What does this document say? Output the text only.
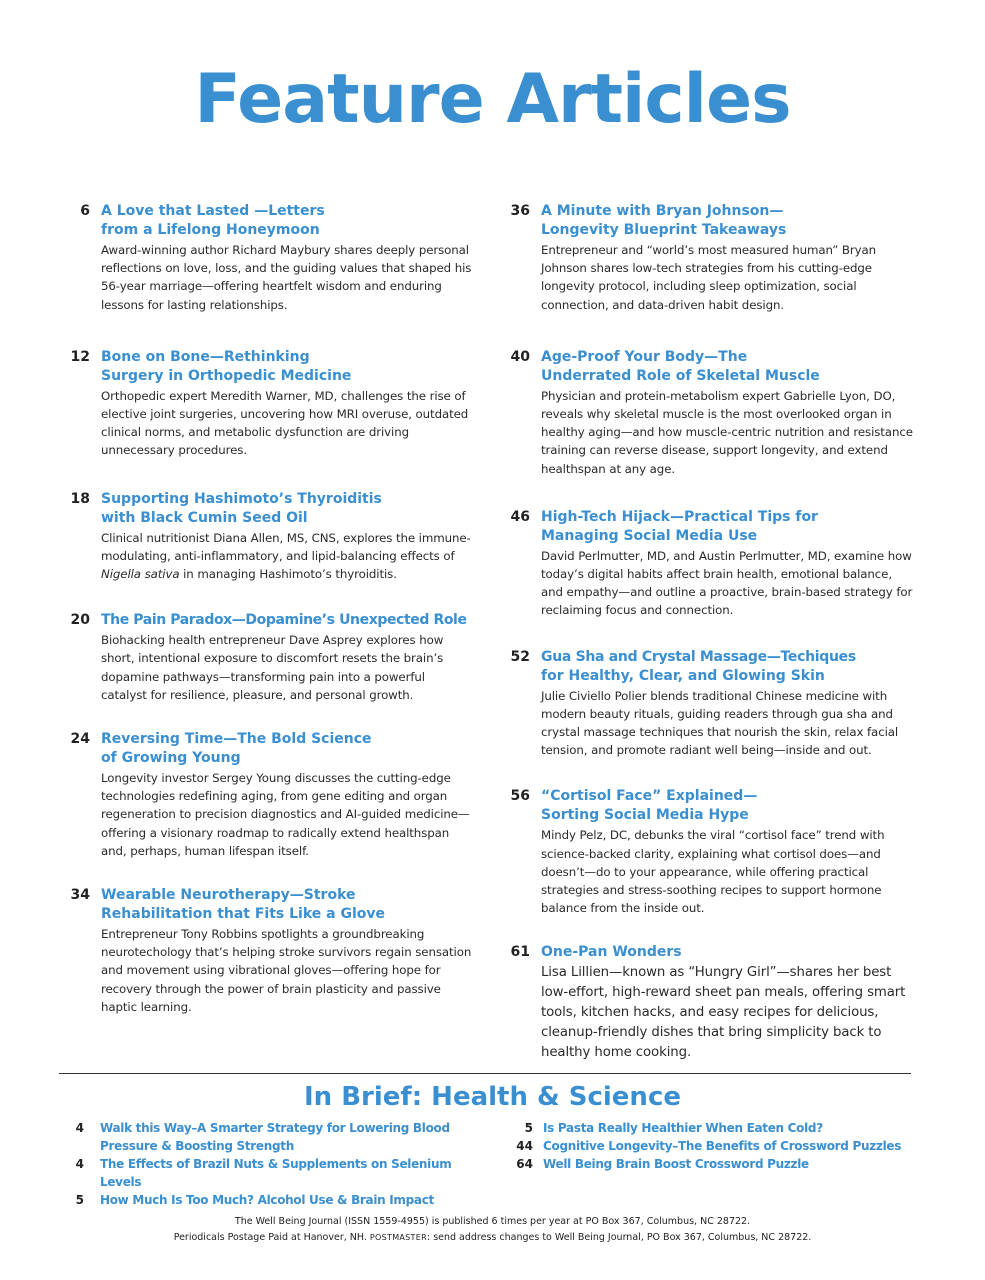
Feature Articles
6 A Love that Lasted —Letters
from a Lifelong Honeymoon
Award-winning author Richard Maybury shares deeply personal reflections on love, loss, and the guiding values that shaped his 56-year marriage—offering heartfelt wisdom and enduring lessons for lasting relationships.
12 Bone on Bone—Rethinking
Surgery in Orthopedic Medicine
Orthopedic expert Meredith Warner, MD, challenges the rise of elective joint surgeries, uncovering how MRI overuse, outdated clinical norms, and metabolic dysfunction are driving unnecessary procedures.
18 Supporting Hashimoto’s Thyroiditis
with Black Cumin Seed Oil
Clinical nutritionist Diana Allen, MS, CNS, explores the immune-modulating, anti-inflammatory, and lipid-balancing effects of Nigella sativa in managing Hashimoto’s thyroiditis.
20 The Pain Paradox—Dopamine’s Unexpected Role
Biohacking health entrepreneur Dave Asprey explores how short, intentional exposure to discomfort resets the brain’s dopamine pathways—transforming pain into a powerful catalyst for resilience, pleasure, and personal growth.
24 Reversing Time—The Bold Science
of Growing Young
Longevity investor Sergey Young discusses the cutting-edge technologies redefining aging, from gene editing and organ regeneration to precision diagnostics and AI-guided medicine—offering a visionary roadmap to radically extend healthspan and, perhaps, human lifespan itself.
34 Wearable Neurotherapy—Stroke
Rehabilitation that Fits Like a Glove
Entrepreneur Tony Robbins spotlights a groundbreaking neurotechology that’s helping stroke survivors regain sensation and movement using vibrational gloves—offering hope for recovery through the power of brain plasticity and passive haptic learning.
36 A Minute with Bryan Johnson—
Longevity Blueprint Takeaways
Entrepreneur and “world’s most measured human” Bryan Johnson shares low-tech strategies from his cutting-edge longevity protocol, including sleep optimization, social connection, and data-driven habit design.
40 Age-Proof Your Body—The
Underrated Role of Skeletal Muscle
Physician and protein-metabolism expert Gabrielle Lyon, DO, reveals why skeletal muscle is the most overlooked organ in healthy aging—and how muscle-centric nutrition and resistance training can reverse disease, support longevity, and extend healthspan at any age.
46 High-Tech Hijack—Practical Tips for
Managing Social Media Use
David Perlmutter, MD, and Austin Perlmutter, MD, examine how today’s digital habits affect brain health, emotional balance, and empathy—and outline a proactive, brain-based strategy for reclaiming focus and connection.
52 Gua Sha and Crystal Massage—Techiques
for Healthy, Clear, and Glowing Skin
Julie Civiello Polier blends traditional Chinese medicine with modern beauty rituals, guiding readers through gua sha and crystal massage techniques that nourish the skin, relax facial tension, and promote radiant well being—inside and out.
56 “Cortisol Face” Explained—
Sorting Social Media Hype
Mindy Pelz, DC, debunks the viral “cortisol face” trend with science-backed clarity, explaining what cortisol does—and doesn’t—do to your appearance, while offering practical strategies and stress-soothing recipes to support hormone balance from the inside out.
61 One-Pan Wonders
Lisa Lillien—known as “Hungry Girl”—shares her best low-effort, high-reward sheet pan meals, offering smart tools, kitchen hacks, and easy recipes for delicious, cleanup-friendly dishes that bring simplicity back to healthy home cooking.
In Brief: Health & Science
4 Walk this Way–A Smarter Strategy for Lowering Blood
Pressure & Boosting Strength
4 The Effects of Brazil Nuts & Supplements on Selenium Levels
5 How Much Is Too Much? Alcohol Use & Brain Impact
5 Is Pasta Really Healthier When Eaten Cold?
44 Cognitive Longevity–The Benefits of Crossword Puzzles
64 Well Being Brain Boost Crossword Puzzle
The Well Being Journal (ISSN 1559-4955) is published 6 times per year at PO Box 367, Columbus, NC 28722.
Periodicals Postage Paid at Hanover, NH. POSTMASTER: send address changes to Well Being Journal, PO Box 367, Columbus, NC 28722.
